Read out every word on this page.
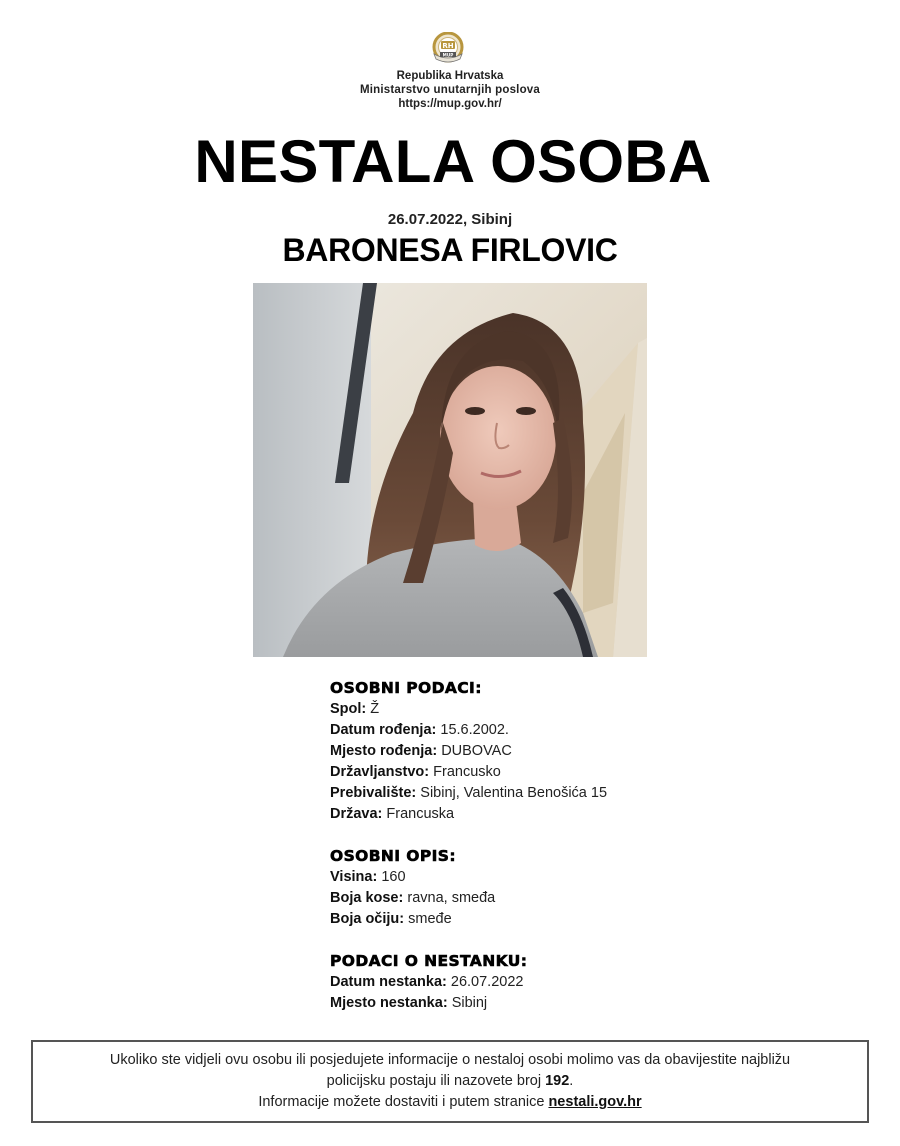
RH
MUP
Republika Hrvatska
Ministarstvo unutarnjih poslova
https://mup.gov.hr/
NESTALA OSOBA
26.07.2022, Sibinj
BARONESA FIRLOVIC
OSOBNI PODACI:
Spol: Ž
Datum rođenja: 15.6.2002.
Mjesto rođenja: DUBOVAC
Državljanstvo: Francusko
Prebivalište: Sibinj, Valentina Benošića 15
Država: Francuska
OSOBNI OPIS:
Visina: 160
Boja kose: ravna, smeđa
Boja očiju: smeđe
PODACI O NESTANKU:
Datum nestanka: 26.07.2022
Mjesto nestanka: Sibinj
Ukoliko ste vidjeli ovu osobu ili posjedujete informacije o nestaloj osobi molimo vas da obavijestite najbližu
policijsku postaju ili nazovete broj 192.
Informacije možete dostaviti i putem stranice nestali.gov.hr
